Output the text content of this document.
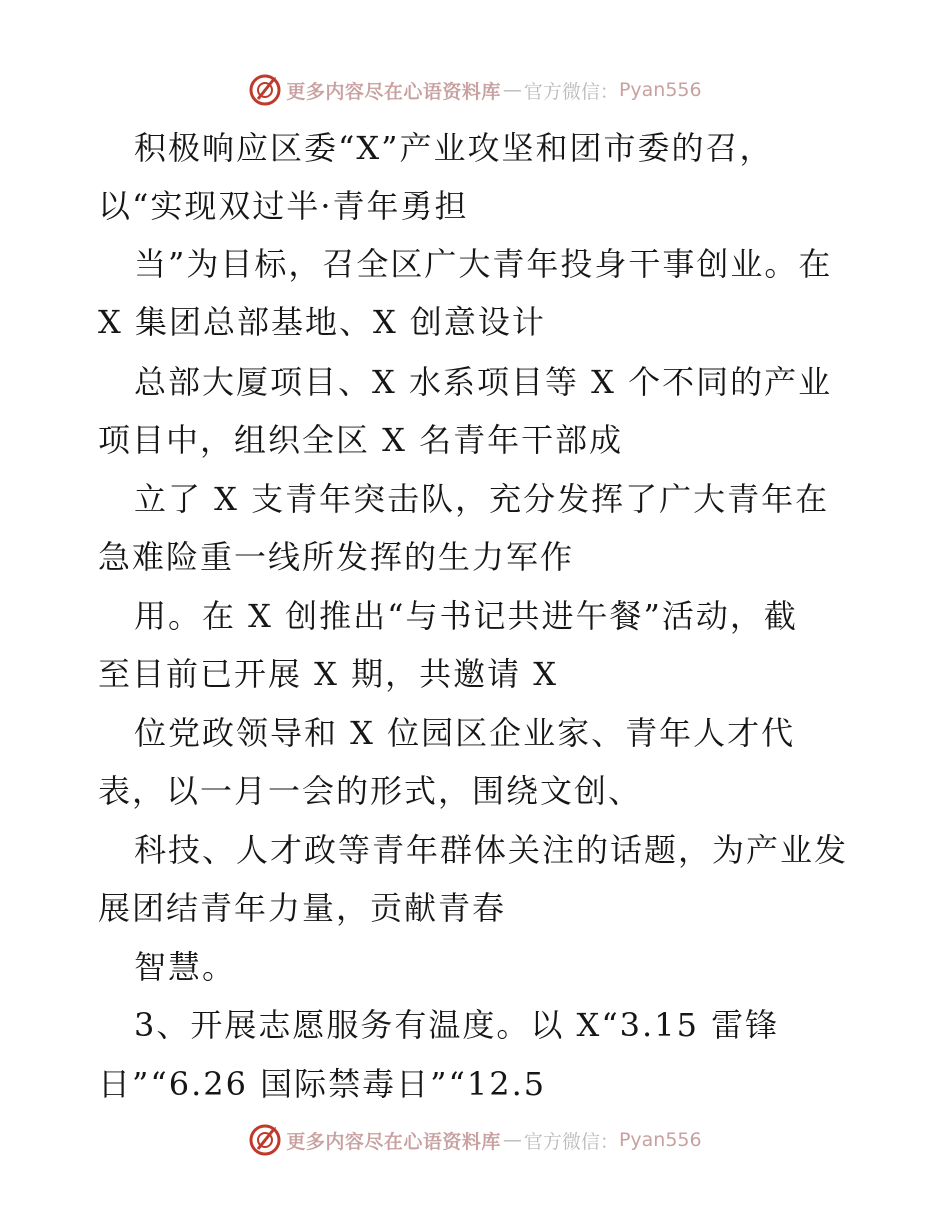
更多内容尽在心语资料库 — 官方微信： Pyan556
积极响应区委“X”产业攻坚和团市委的召，
以“实现双过半·青年勇担
当”为目标，召全区广大青年投身干事创业。在
X 集团总部基地、X 创意设计
总部大厦项目、X 水系项目等 X 个不同的产业
项目中，组织全区 X 名青年干部成
立了 X 支青年突击队，充分发挥了广大青年在
急难险重一线所发挥的生力军作
用。在 X 创推出“与书记共进午餐”活动，截
至目前已开展 X 期，共邀请 X
位党政领导和 X 位园区企业家、青年人才代
表，以一月一会的形式，围绕文创、
科技、人才政等青年群体关注的话题，为产业发
展团结青年力量，贡献青春
智慧。
3、开展志愿服务有温度。以 X“3.15 雷锋
日”“6.26 国际禁毒日”“12.5
更多内容尽在心语资料库 — 官方微信： Pyan556
